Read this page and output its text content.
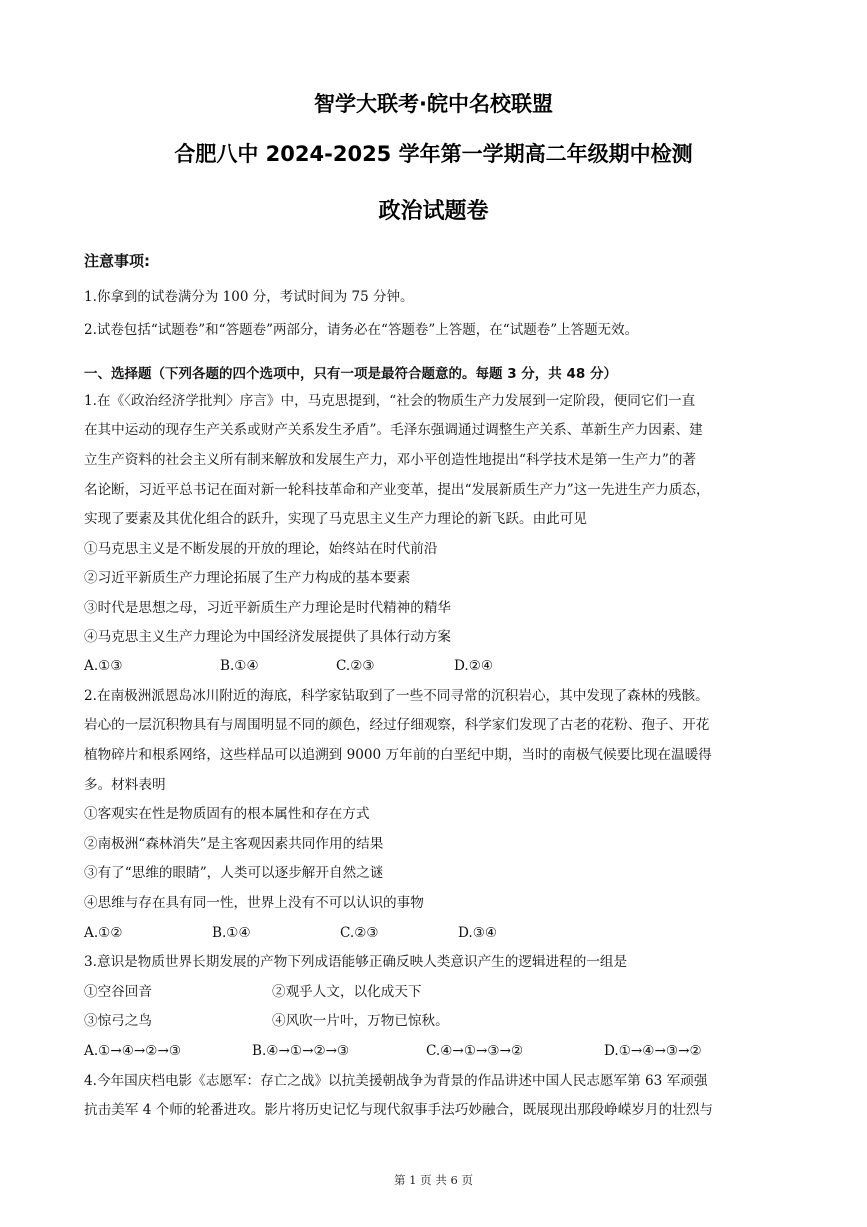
智学大联考·皖中名校联盟
合肥八中 2024-2025 学年第一学期高二年级期中检测
政治试题卷
注意事项:
1.你拿到的试卷满分为 100 分，考试时间为 75 分钟。
2.试卷包括“试题卷”和“答题卷”两部分，请务必在“答题卷”上答题，在“试题卷”上答题无效。
一、选择题（下列各题的四个选项中，只有一项是最符合题意的。每题 3 分，共 48 分）
1.在《〈政治经济学批判〉序言》中，马克思提到，“社会的物质生产力发展到一定阶段，便同它们一直
在其中运动的现存生产关系或财产关系发生矛盾”。毛泽东强调通过调整生产关系、革新生产力因素、建
立生产资料的社会主义所有制来解放和发展生产力，邓小平创造性地提出“科学技术是第一生产力”的著
名论断，习近平总书记在面对新一轮科技革命和产业变革，提出“发展新质生产力”这一先进生产力质态，
实现了要素及其优化组合的跃升，实现了马克思主义生产力理论的新飞跃。由此可见
①马克思主义是不断发展的开放的理论，始终站在时代前沿
②习近平新质生产力理论拓展了生产力构成的基本要素
③时代是思想之母，习近平新质生产力理论是时代精神的精华
④马克思主义生产力理论为中国经济发展提供了具体行动方案
A.①③	B.①④	C.②③	D.②④
2.在南极洲派恩岛冰川附近的海底，科学家钻取到了一些不同寻常的沉积岩心，其中发现了森林的残骸。
岩心的一层沉积物具有与周围明显不同的颜色，经过仔细观察，科学家们发现了古老的花粉、孢子、开花
植物碎片和根系网络，这些样品可以追溯到 9000 万年前的白垩纪中期，当时的南极气候要比现在温暖得
多。材料表明
①客观实在性是物质固有的根本属性和存在方式
②南极洲“森林消失”是主客观因素共同作用的结果
③有了“思维的眼睛”，人类可以逐步解开自然之谜
④思维与存在具有同一性，世界上没有不可以认识的事物
A.①②	B.①④	C.②③	D.③④
3.意识是物质世界长期发展的产物下列成语能够正确反映人类意识产生的逻辑进程的一组是
①空谷回音	②观乎人文，以化成天下
③惊弓之鸟	④风吹一片叶，万物已惊秋。
A.①→④→②→③	B.④→①→②→③	C.④→①→③→②	D.①→④→③→②
4.今年国庆档电影《志愿军：存亡之战》以抗美援朝战争为背景的作品讲述中国人民志愿军第 63 军顽强
抗击美军 4 个师的轮番进攻。影片将历史记忆与现代叙事手法巧妙融合，既展现出那段峥嵘岁月的壮烈与
第 1 页 共 6 页
